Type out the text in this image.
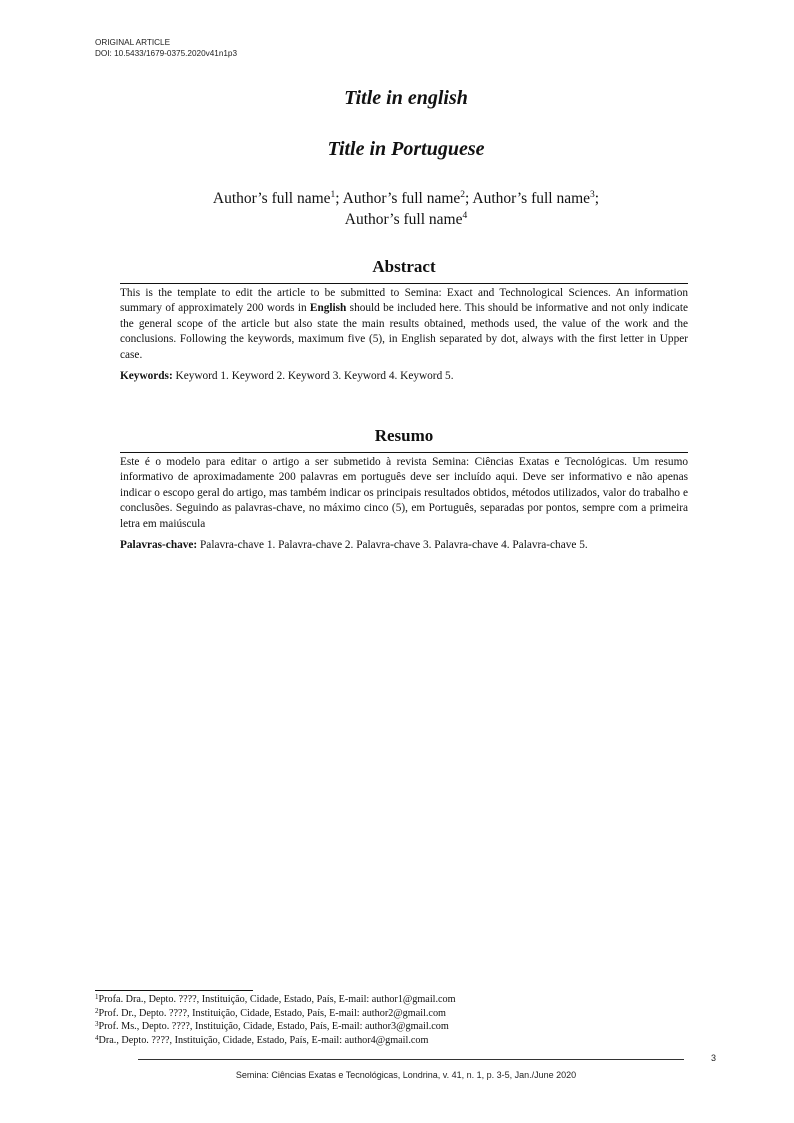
ORIGINAL ARTICLE
DOI: 10.5433/1679-0375.2020v41n1p3
Title in english
Title in Portuguese
Author’s full name$^1$; Author’s full name$^2$; Author’s full name$^3$;
Author’s full name$^4$
Abstract
This is the template to edit the article to be submitted to Semina: Exact and Technological Sciences. An information summary of approximately 200 words in English should be included here. This should be informative and not only indicate the general scope of the article but also state the main results obtained, methods used, the value of the work and the conclusions. Following the keywords, maximum five (5), in English separated by dot, always with the first letter in Upper case.
Keywords: Keyword 1. Keyword 2. Keyword 3. Keyword 4. Keyword 5.
Resumo
Este é o modelo para editar o artigo a ser submetido à revista Semina: Ciências Exatas e Tecnológicas. Um resumo informativo de aproximadamente 200 palavras em português deve ser incluído aqui. Deve ser informativo e não apenas indicar o escopo geral do artigo, mas também indicar os principais resultados obtidos, métodos utilizados, valor do trabalho e conclusões. Seguindo as palavras-chave, no máximo cinco (5), em Português, separadas por pontos, sempre com a primeira letra em maiúscula
Palavras-chave: Palavra-chave 1. Palavra-chave 2. Palavra-chave 3. Palavra-chave 4. Palavra-chave 5.
$^1$Profa. Dra., Depto. ????, Instituição, Cidade, Estado, País, E-mail: author1@gmail.com
$^2$Prof. Dr., Depto. ????, Instituição, Cidade, Estado, País, E-mail: author2@gmail.com
$^3$Prof. Ms., Depto. ????, Instituição, Cidade, Estado, País, E-mail: author3@gmail.com
$^4$Dra., Depto. ????, Instituição, Cidade, Estado, País, E-mail: author4@gmail.com
3
Semina: Ciências Exatas e Tecnológicas, Londrina, v. 41, n. 1, p. 3-5, Jan./June 2020
